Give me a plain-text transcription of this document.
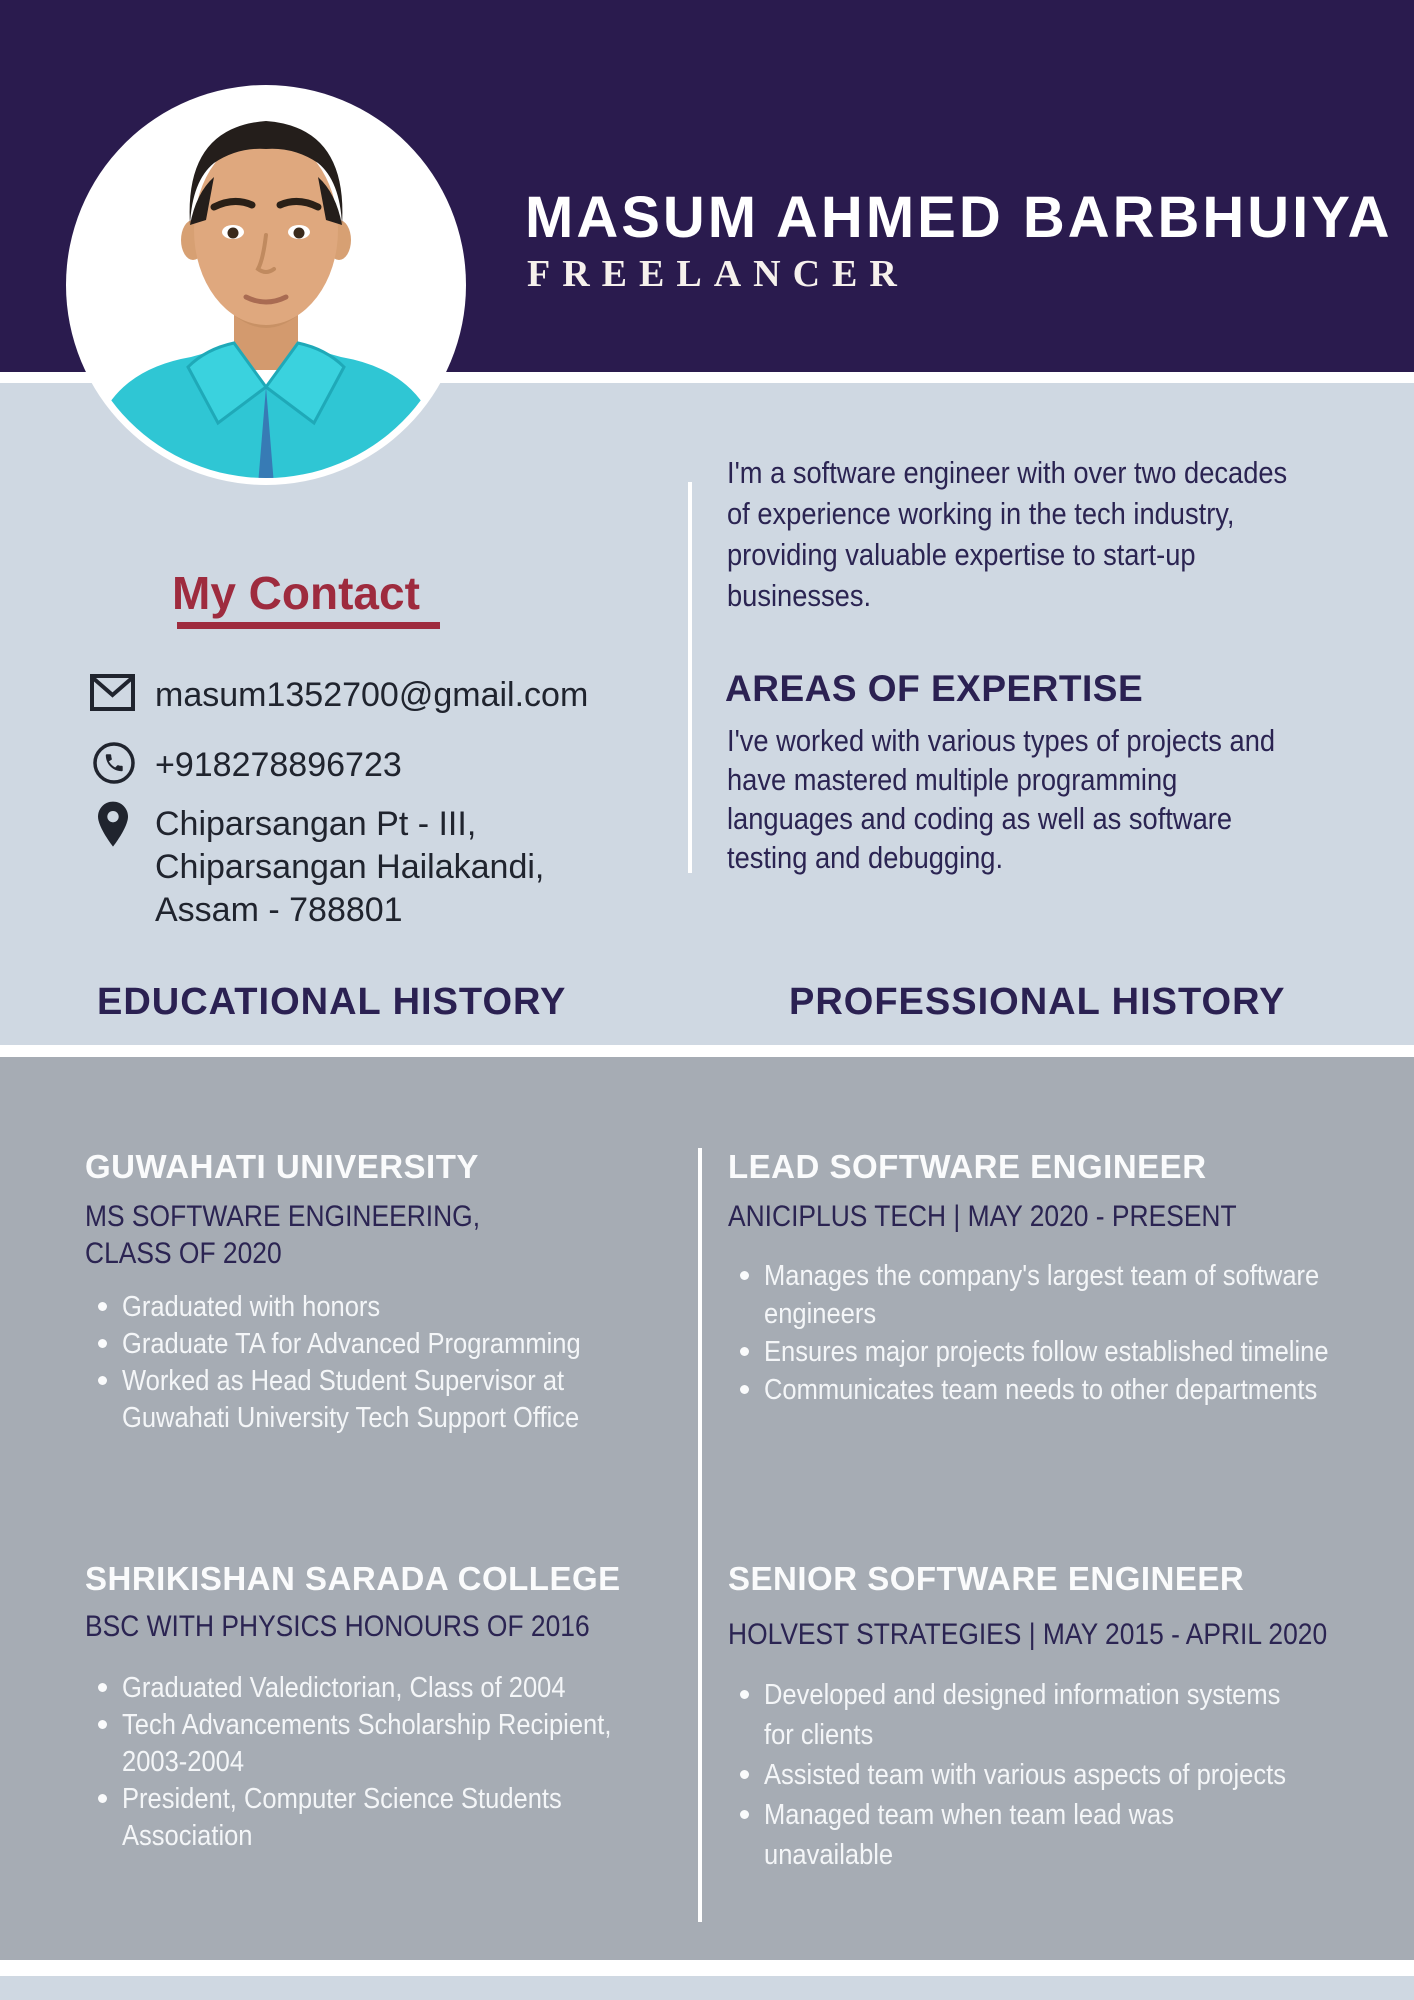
MASUM AHMED BARBHUIYA
FREELANCER
My Contact
masum1352700@gmail.com
+918278896723
Chiparsangan Pt - III,
Chiparsangan Hailakandi,
Assam - 788801
I'm a software engineer with over two decades
of experience working in the tech industry,
providing valuable expertise to start-up
businesses.
AREAS OF EXPERTISE
I've worked with various types of projects and
have mastered multiple programming
languages and coding as well as software
testing and debugging.
EDUCATIONAL HISTORY	PROFESSIONAL HISTORY
GUWAHATI UNIVERSITY
MS SOFTWARE ENGINEERING,
CLASS OF 2020
Graduated with honors
Graduate TA for Advanced Programming
Worked as Head Student Supervisor at
Guwahati University Tech Support Office
SHRIKISHAN SARADA COLLEGE
BSC WITH PHYSICS HONOURS OF 2016
Graduated Valedictorian, Class of 2004
Tech Advancements Scholarship Recipient,
2003-2004
President, Computer Science Students
Association
LEAD SOFTWARE ENGINEER
ANICIPLUS TECH | MAY 2020 - PRESENT
Manages the company's largest team of software
engineers
Ensures major projects follow established timeline
Communicates team needs to other departments
SENIOR SOFTWARE ENGINEER
HOLVEST STRATEGIES | MAY 2015 - APRIL 2020
Developed and designed information systems
for clients
Assisted team with various aspects of projects
Managed team when team lead was
unavailable
